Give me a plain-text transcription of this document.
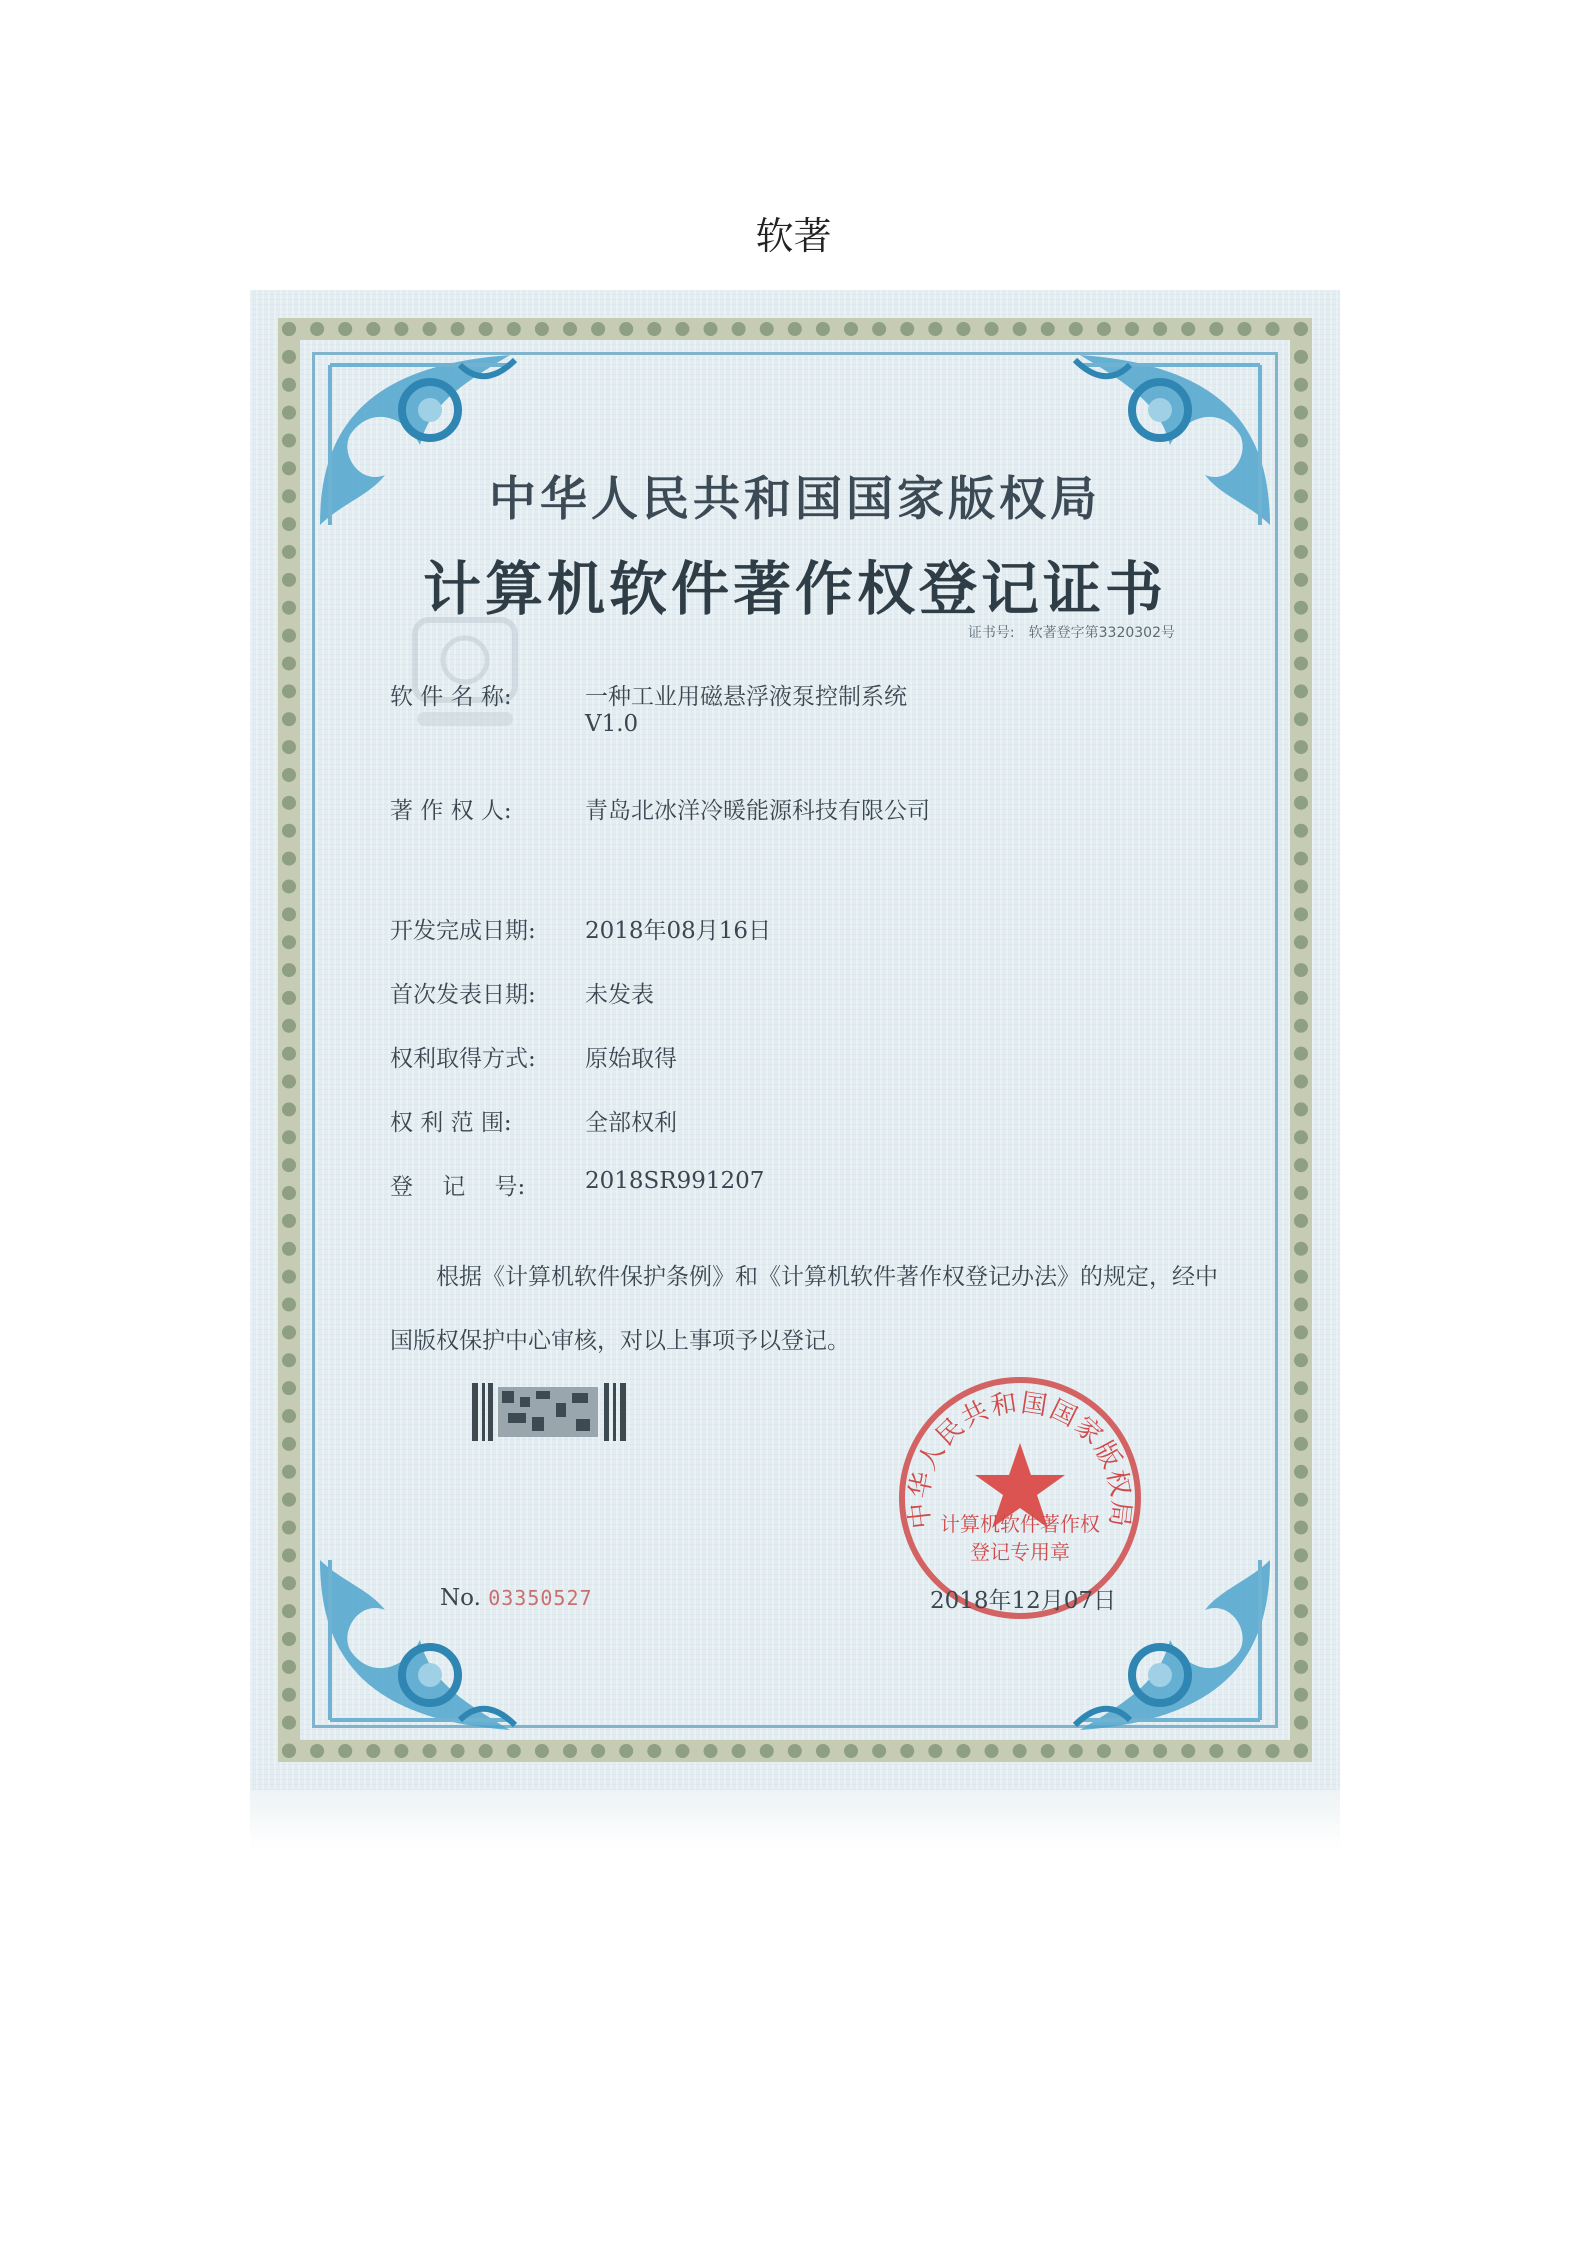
软著
中华人民共和国国家版权局
计算机软件著作权登记证书
证书号: 软著登字第3320302号
软 件 名 称:	一种工业用磁悬浮液泵控制系统
V1.0
著 作 权 人:	青岛北冰洋冷暖能源科技有限公司
开发完成日期: 2018年08月16日
首次发表日期: 未发表
权利取得方式: 原始取得
权 利 范 围:	全部权利
登    记    号:	2018SR991207
根据《计算机软件保护条例》和《计算机软件著作权登记办法》的规定，经中国版权保护中心审核，对以上事项予以登记。
中华人民共和国国家版权局
计算机软件著作权
登记专用章
No. 03350527	2018年12月07日
